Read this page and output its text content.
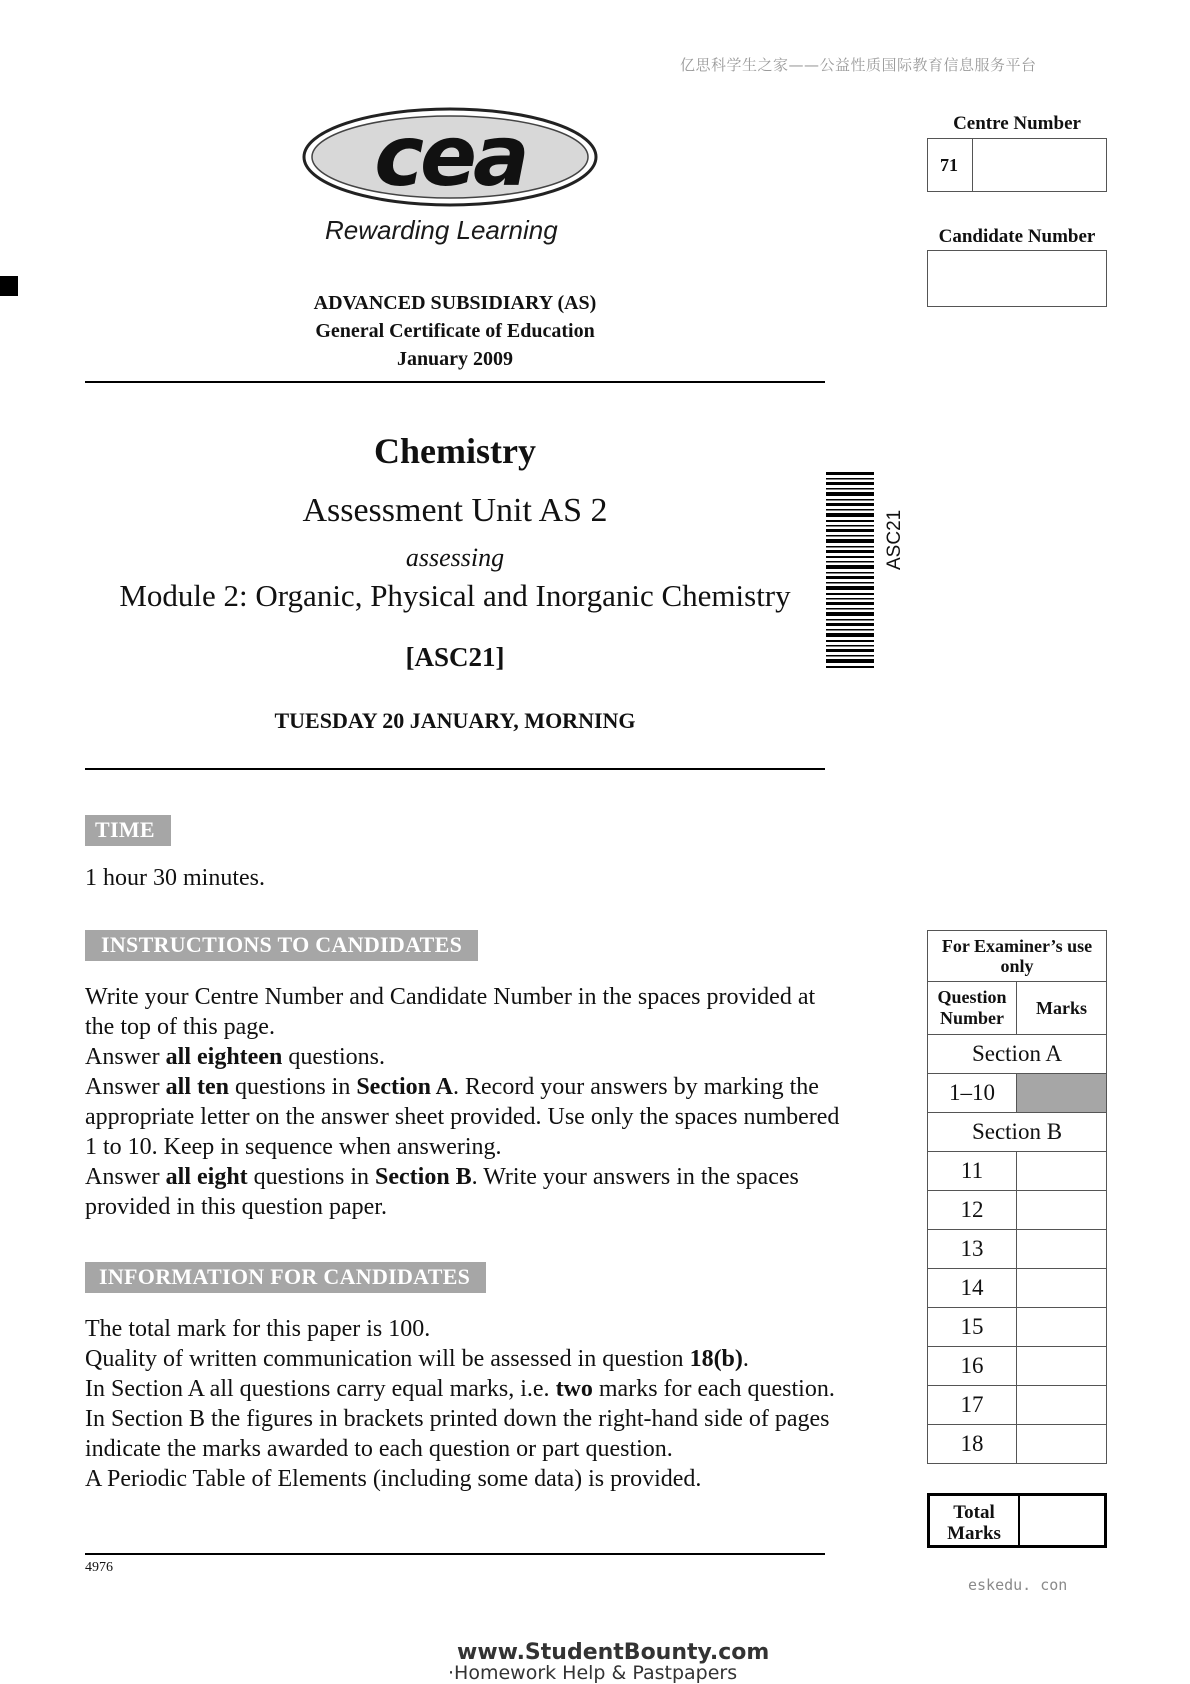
亿思科学生之家——公益性质国际教育信息服务平台
cea
Rewarding Learning
ADVANCED SUBSIDIARY (AS)
General Certificate of Education
January 2009
Centre Number
71
Candidate Number
Chemistry
Assessment Unit AS 2
assessing
Module 2: Organic, Physical and Inorganic Chemistry
[ASC21]
TUESDAY 20 JANUARY, MORNING
ASC21
TIME
1 hour 30 minutes.
INSTRUCTIONS TO CANDIDATES
Write your Centre Number and Candidate Number in the spaces provided at the top of this page.
Answer all eighteen questions.
Answer all ten questions in Section A. Record your answers by marking the appropriate letter on the answer sheet provided. Use only the spaces numbered 1 to 10. Keep in sequence when answering.
Answer all eight questions in Section B. Write your answers in the spaces provided in this question paper.
INFORMATION FOR CANDIDATES
The total mark for this paper is 100.
Quality of written communication will be assessed in question 18(b).
In Section A all questions carry equal marks, i.e. two marks for each question.
In Section B the figures in brackets printed down the right-hand side of pages indicate the marks awarded to each question or part question.
A Periodic Table of Elements (including some data) is provided.
4976
For Examiner’s use only	
Question Number	Marks
Section A	
1–10	
Section B	
11	
12	
13	
14	
15	
16	
17	
18	
Total Marks
eskedu. con
www.StudentBounty.com
·Homework Help & Pastpapers
